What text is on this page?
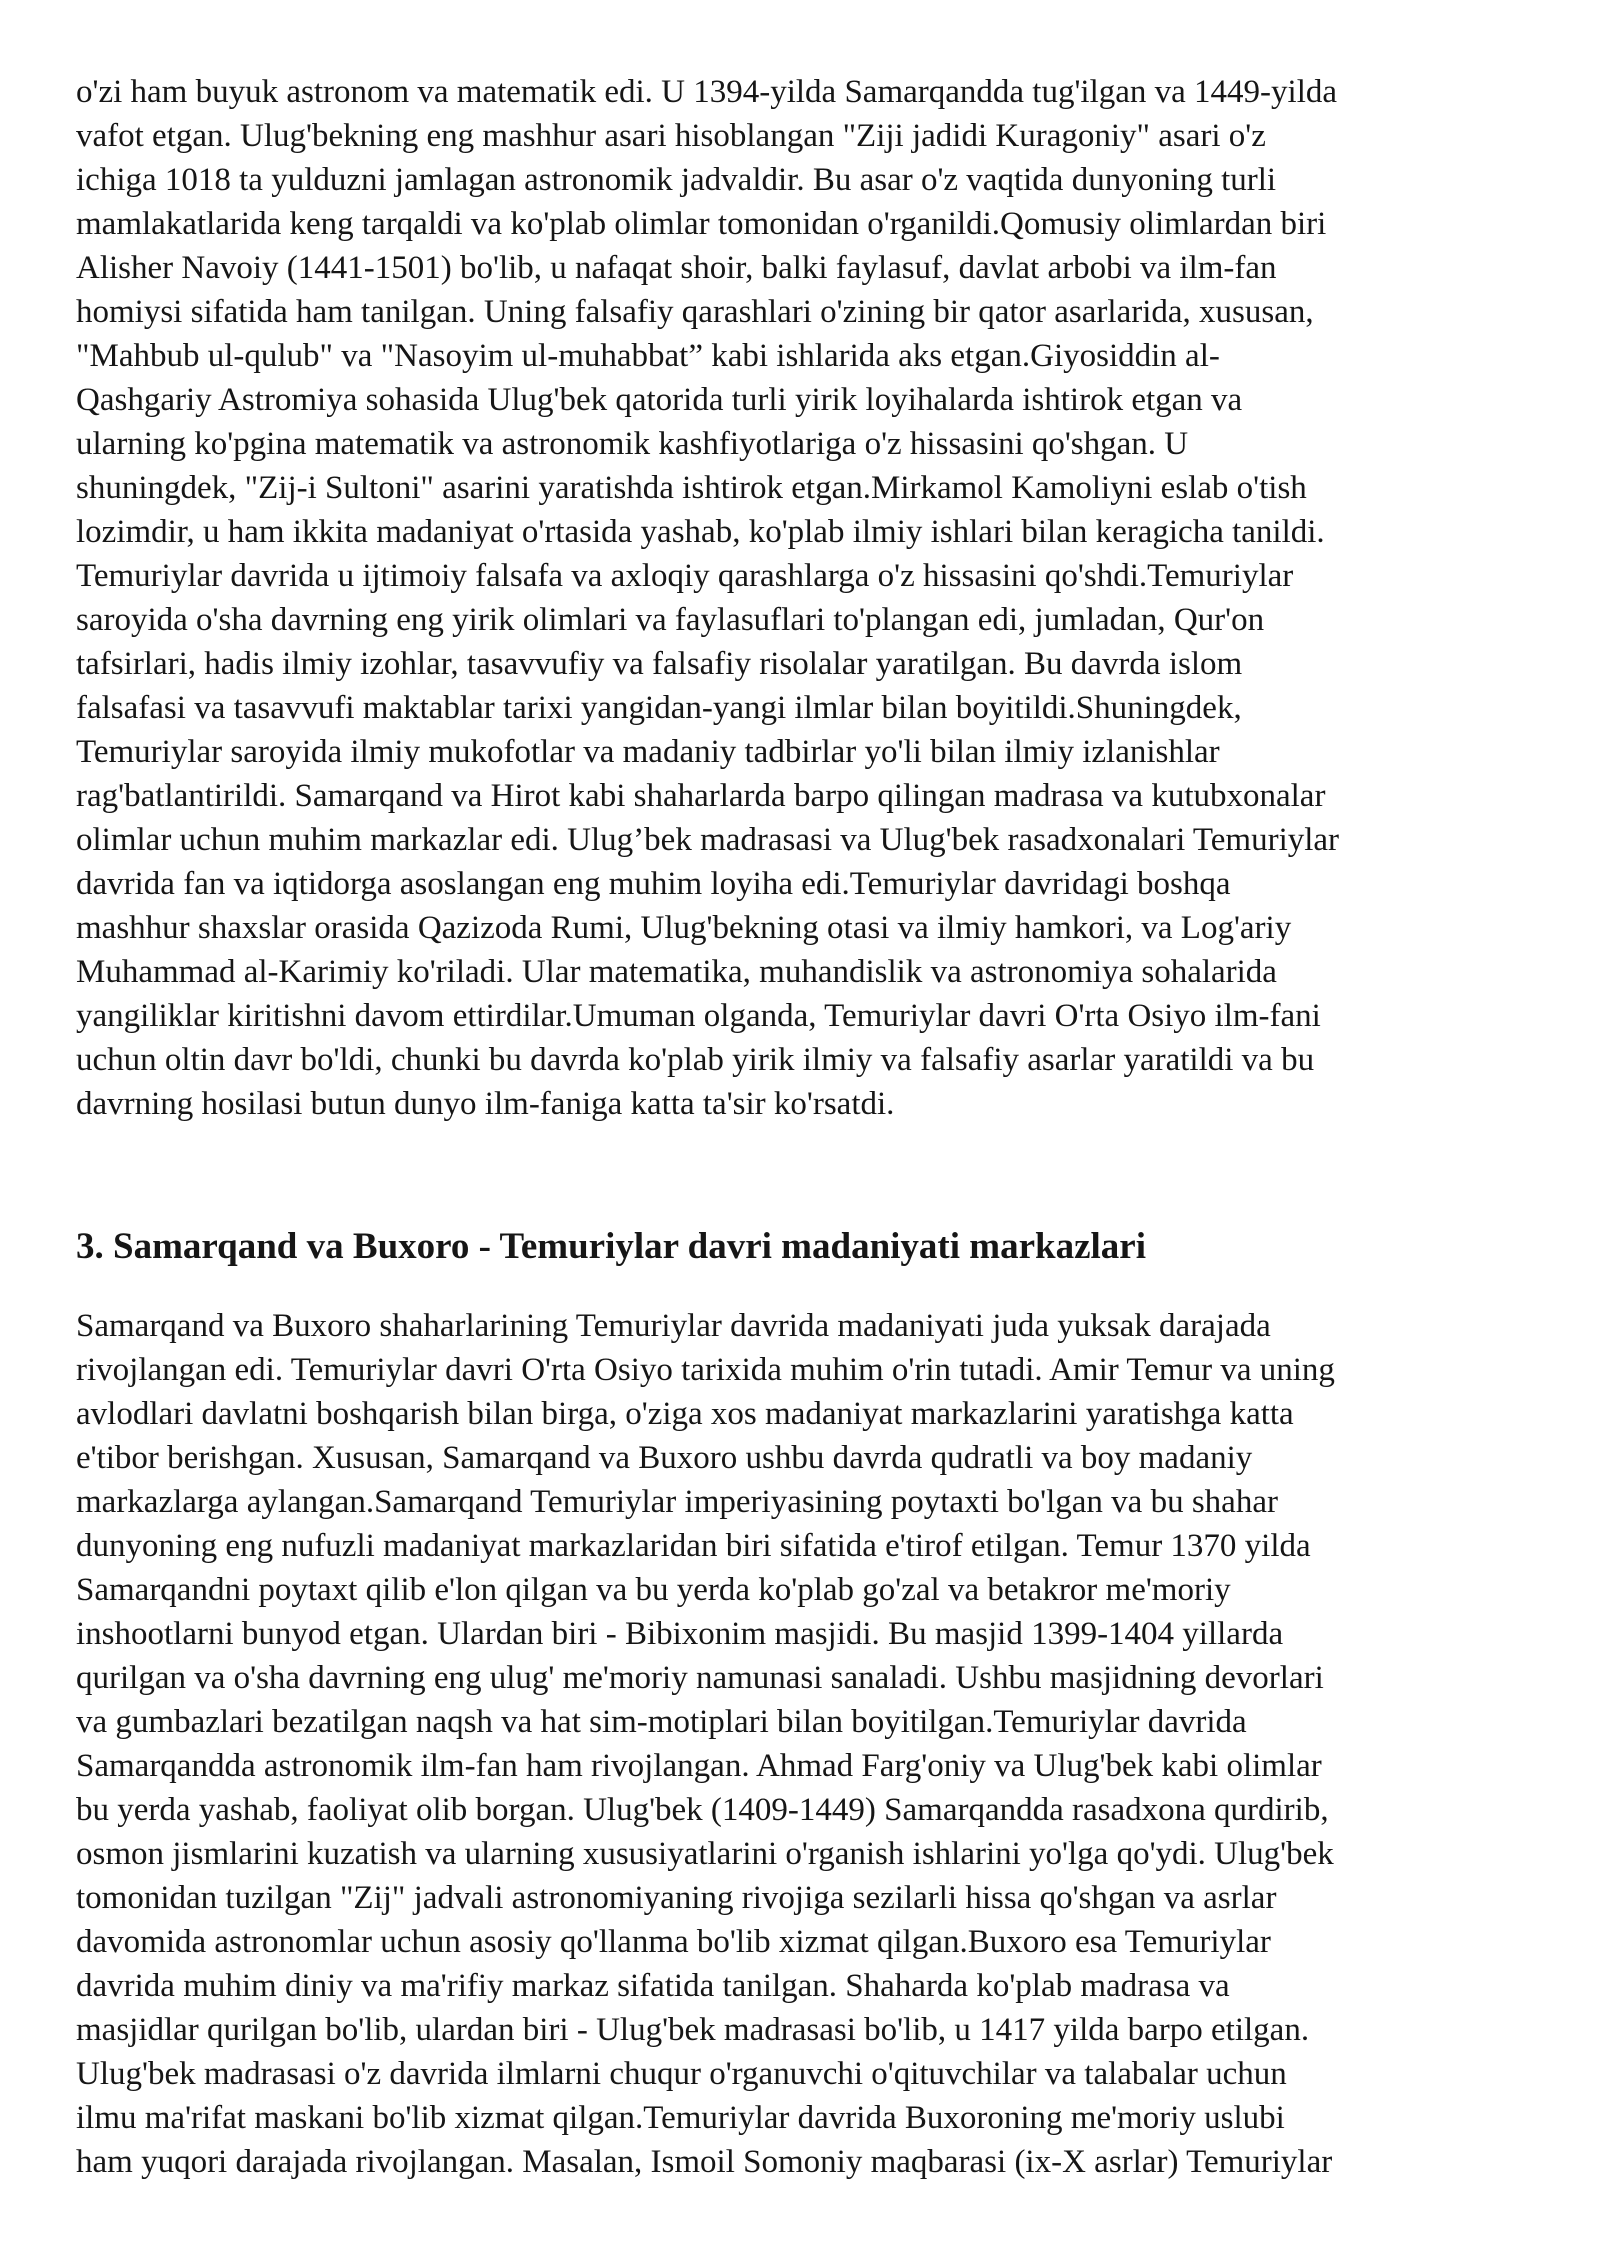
o'zi ham buyuk astronom va matematik edi. U 1394-yilda Samarqandda tug'ilgan va 1449-yilda
vafot etgan. Ulug'bekning eng mashhur asari hisoblangan "Ziji jadidi Kuragoniy" asari o'z
ichiga 1018 ta yulduzni jamlagan astronomik jadvaldir. Bu asar o'z vaqtida dunyoning turli
mamlakatlarida keng tarqaldi va ko'plab olimlar tomonidan o'rganildi.Qomusiy olimlardan biri
Alisher Navoiy (1441-1501) bo'lib, u nafaqat shoir, balki faylasuf, davlat arbobi va ilm-fan
homiysi sifatida ham tanilgan. Uning falsafiy qarashlari o'zining bir qator asarlarida, xususan,
"Mahbub ul-qulub" va "Nasoyim ul-muhabbat” kabi ishlarida aks etgan.Giyosiddin al-
Qashgariy Astromiya sohasida Ulug'bek qatorida turli yirik loyihalarda ishtirok etgan va
ularning ko'pgina matematik va astronomik kashfiyotlariga o'z hissasini qo'shgan. U
shuningdek, "Zij-i Sultoni" asarini yaratishda ishtirok etgan.Mirkamol Kamoliyni eslab o'tish
lozimdir, u ham ikkita madaniyat o'rtasida yashab, ko'plab ilmiy ishlari bilan keragicha tanildi.
Temuriylar davrida u ijtimoiy falsafa va axloqiy qarashlarga o'z hissasini qo'shdi.Temuriylar
saroyida o'sha davrning eng yirik olimlari va faylasuflari to'plangan edi, jumladan, Qur'on
tafsirlari, hadis ilmiy izohlar, tasavvufiy va falsafiy risolalar yaratilgan. Bu davrda islom
falsafasi va tasavvufi maktablar tarixi yangidan-yangi ilmlar bilan boyitildi.Shuningdek,
Temuriylar saroyida ilmiy mukofotlar va madaniy tadbirlar yo'li bilan ilmiy izlanishlar
rag'batlantirildi. Samarqand va Hirot kabi shaharlarda barpo qilingan madrasa va kutubxonalar
olimlar uchun muhim markazlar edi. Ulug’bek madrasasi va Ulug'bek rasadxonalari Temuriylar
davrida fan va iqtidorga asoslangan eng muhim loyiha edi.Temuriylar davridagi boshqa
mashhur shaxslar orasida Qazizoda Rumi, Ulug'bekning otasi va ilmiy hamkori, va Log'ariy
Muhammad al-Karimiy ko'riladi. Ular matematika, muhandislik va astronomiya sohalarida
yangiliklar kiritishni davom ettirdilar.Umuman olganda, Temuriylar davri O'rta Osiyo ilm-fani
uchun oltin davr bo'ldi, chunki bu davrda ko'plab yirik ilmiy va falsafiy asarlar yaratildi va bu
davrning hosilasi butun dunyo ilm-faniga katta ta'sir ko'rsatdi.

3. Samarqand va Buxoro - Temuriylar davri madaniyati markazlari

Samarqand va Buxoro shaharlarining Temuriylar davrida madaniyati juda yuksak darajada
rivojlangan edi. Temuriylar davri O'rta Osiyo tarixida muhim o'rin tutadi. Amir Temur va uning
avlodlari davlatni boshqarish bilan birga, o'ziga xos madaniyat markazlarini yaratishga katta
e'tibor berishgan. Xususan, Samarqand va Buxoro ushbu davrda qudratli va boy madaniy
markazlarga aylangan.Samarqand Temuriylar imperiyasining poytaxti bo'lgan va bu shahar
dunyoning eng nufuzli madaniyat markazlaridan biri sifatida e'tirof etilgan. Temur 1370 yilda
Samarqandni poytaxt qilib e'lon qilgan va bu yerda ko'plab go'zal va betakror me'moriy
inshootlarni bunyod etgan. Ulardan biri - Bibixonim masjidi. Bu masjid 1399-1404 yillarda
qurilgan va o'sha davrning eng ulug' me'moriy namunasi sanaladi. Ushbu masjidning devorlari
va gumbazlari bezatilgan naqsh va hat sim-motiplari bilan boyitilgan.Temuriylar davrida
Samarqandda astronomik ilm-fan ham rivojlangan. Ahmad Farg'oniy va Ulug'bek kabi olimlar
bu yerda yashab, faoliyat olib borgan. Ulug'bek (1409-1449) Samarqandda rasadxona qurdirib,
osmon jismlarini kuzatish va ularning xususiyatlarini o'rganish ishlarini yo'lga qo'ydi. Ulug'bek
tomonidan tuzilgan "Zij" jadvali astronomiyaning rivojiga sezilarli hissa qo'shgan va asrlar
davomida astronomlar uchun asosiy qo'llanma bo'lib xizmat qilgan.Buxoro esa Temuriylar
davrida muhim diniy va ma'rifiy markaz sifatida tanilgan. Shaharda ko'plab madrasa va
masjidlar qurilgan bo'lib, ulardan biri - Ulug'bek madrasasi bo'lib, u 1417 yilda barpo etilgan.
Ulug'bek madrasasi o'z davrida ilmlarni chuqur o'rganuvchi o'qituvchilar va talabalar uchun
ilmu ma'rifat maskani bo'lib xizmat qilgan.Temuriylar davrida Buxoroning me'moriy uslubi
ham yuqori darajada rivojlangan. Masalan, Ismoil Somoniy maqbarasi (ix-X asrlar) Temuriylar
